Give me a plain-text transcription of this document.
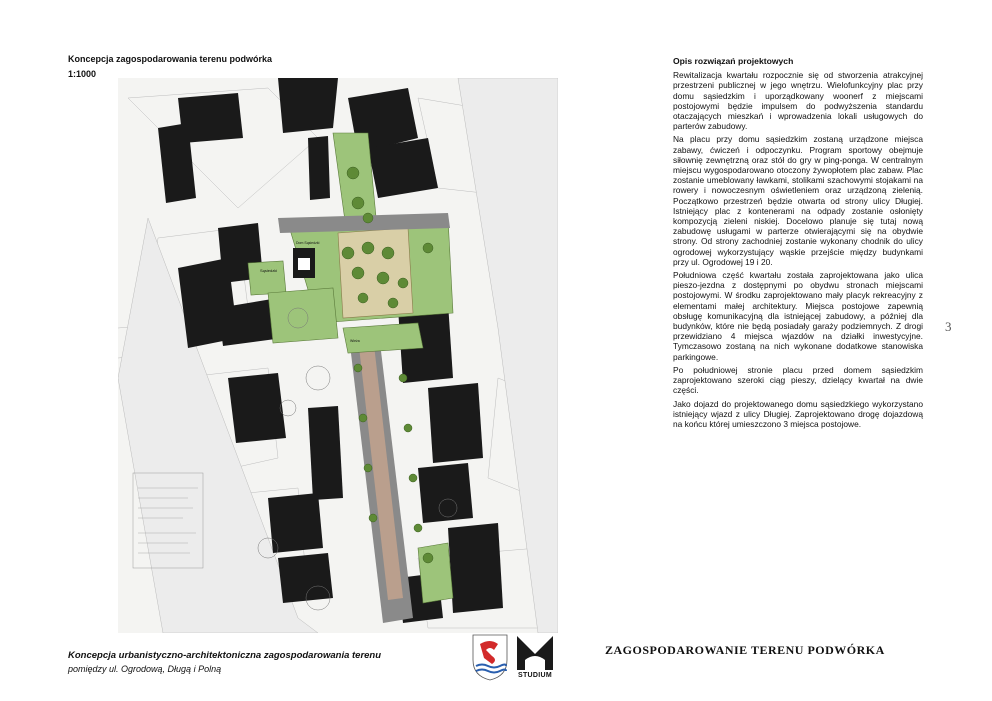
Koncepcja zagospodarowania terenu podwórka
1:1000
Sąsiedzki
Dom Sąsiedzki
Wieża
Opis rozwiązań projektowych

Rewitalizacja kwartału rozpocznie się od stworzenia atrakcyjnej przestrzeni publicznej w jego wnętrzu. Wielofunkcyjny plac przy domu sąsiedzkim i uporządkowany woonerf z miejscami postojowymi będzie impulsem do podwyższenia standardu otaczających mieszkań i wprowadzenia lokali usługowych do parterów zabudowy.

Na placu przy domu sąsiedzkim zostaną urządzone miejsca zabawy, ćwiczeń i odpoczynku. Program sportowy obejmuje siłownię zewnętrzną oraz stół do gry w ping-ponga. W centralnym miejscu wygospodarowano otoczony żywopłotem plac zabaw. Plac zostanie umeblowany ławkami, stolikami szachowymi stojakami na rowery i nowoczesnym oświetleniem oraz urządzoną zielenią. Początkowo przestrzeń będzie otwarta od strony ulicy Długiej. Istniejący plac z kontenerami na odpady zostanie osłonięty kompozycją zieleni niskiej. Docelowo planuje się tutaj nową zabudowę usługami w parterze otwierającymi się na obydwie strony. Od strony zachodniej zostanie wykonany chodnik do ulicy ogrodowej wykorzystujący wąskie przejście między budynkami przy ul. Ogrodowej 19 i 20.

Południowa część kwartału została zaprojektowana jako ulica pieszo-jezdna z dostępnymi po obydwu stronach miejscami postojowymi. W środku zaprojektowano mały placyk rekreacyjny z elementami małej architektury. Miejsca postojowe zapewnią obsługę komunikacyjną dla istniejącej zabudowy, a później dla budynków, które nie będą posiadały garaży podziemnych. Z drogi przewidziano 4 miejsca wjazdów na działki inwestycyjne. Tymczasowo zostaną na nich wykonane dodatkowe stanowiska parkingowe.

Po południowej stronie placu przed domem sąsiedzkim zaprojektowano szeroki ciąg pieszy, dzielący kwartał na dwie części.

Jako dojazd do projektowanego domu sąsiedzkiego wykorzystano istniejący wjazd z ulicy Długiej. Zaprojektowano drogę dojazdową na końcu której umieszczono 3 miejsca postojowe.

3
Koncepcja urbanistyczno-architektoniczna zagospodarowania terenu
pomiędzy ul. Ogrodową, Długą i Polną
STUDIUM
ZAGOSPODAROWANIE TERENU PODWÓRKA
